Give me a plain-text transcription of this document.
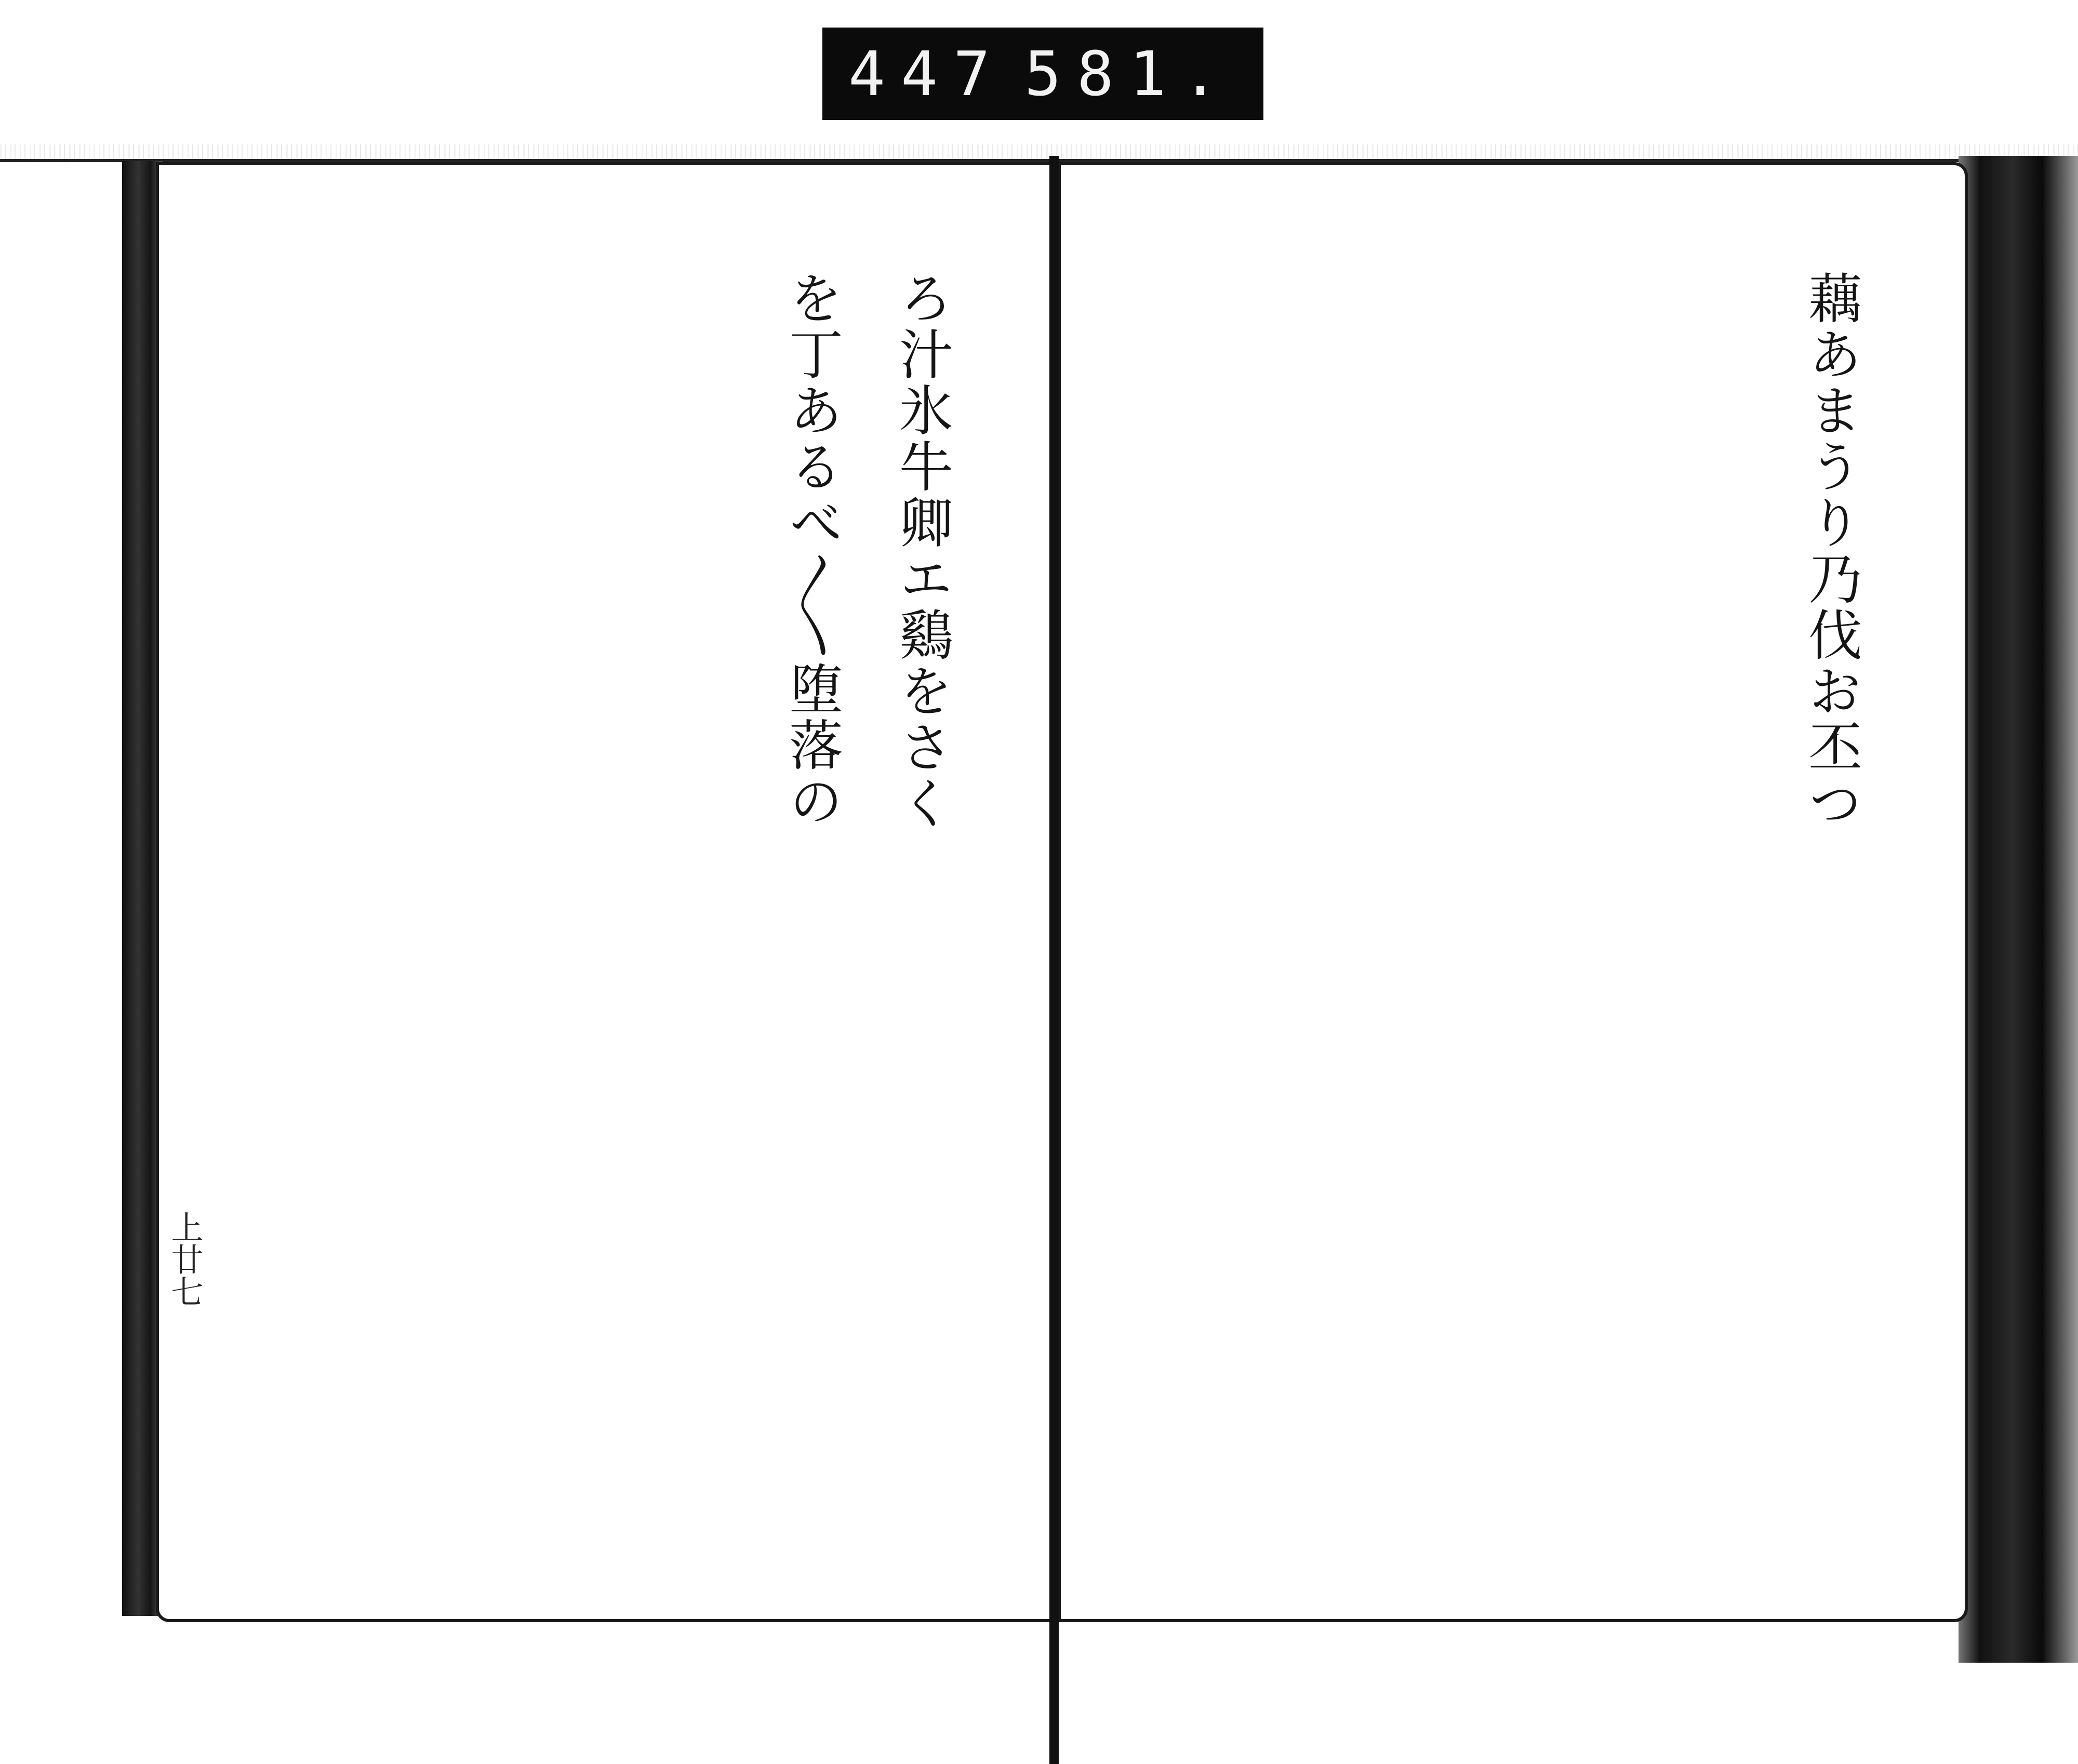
447 581.

藕あまうり乃伐お丕つ

ろ汁氷牛卿エ鷄をさく

を丁あるべ〳〵堕落の

上廿七
